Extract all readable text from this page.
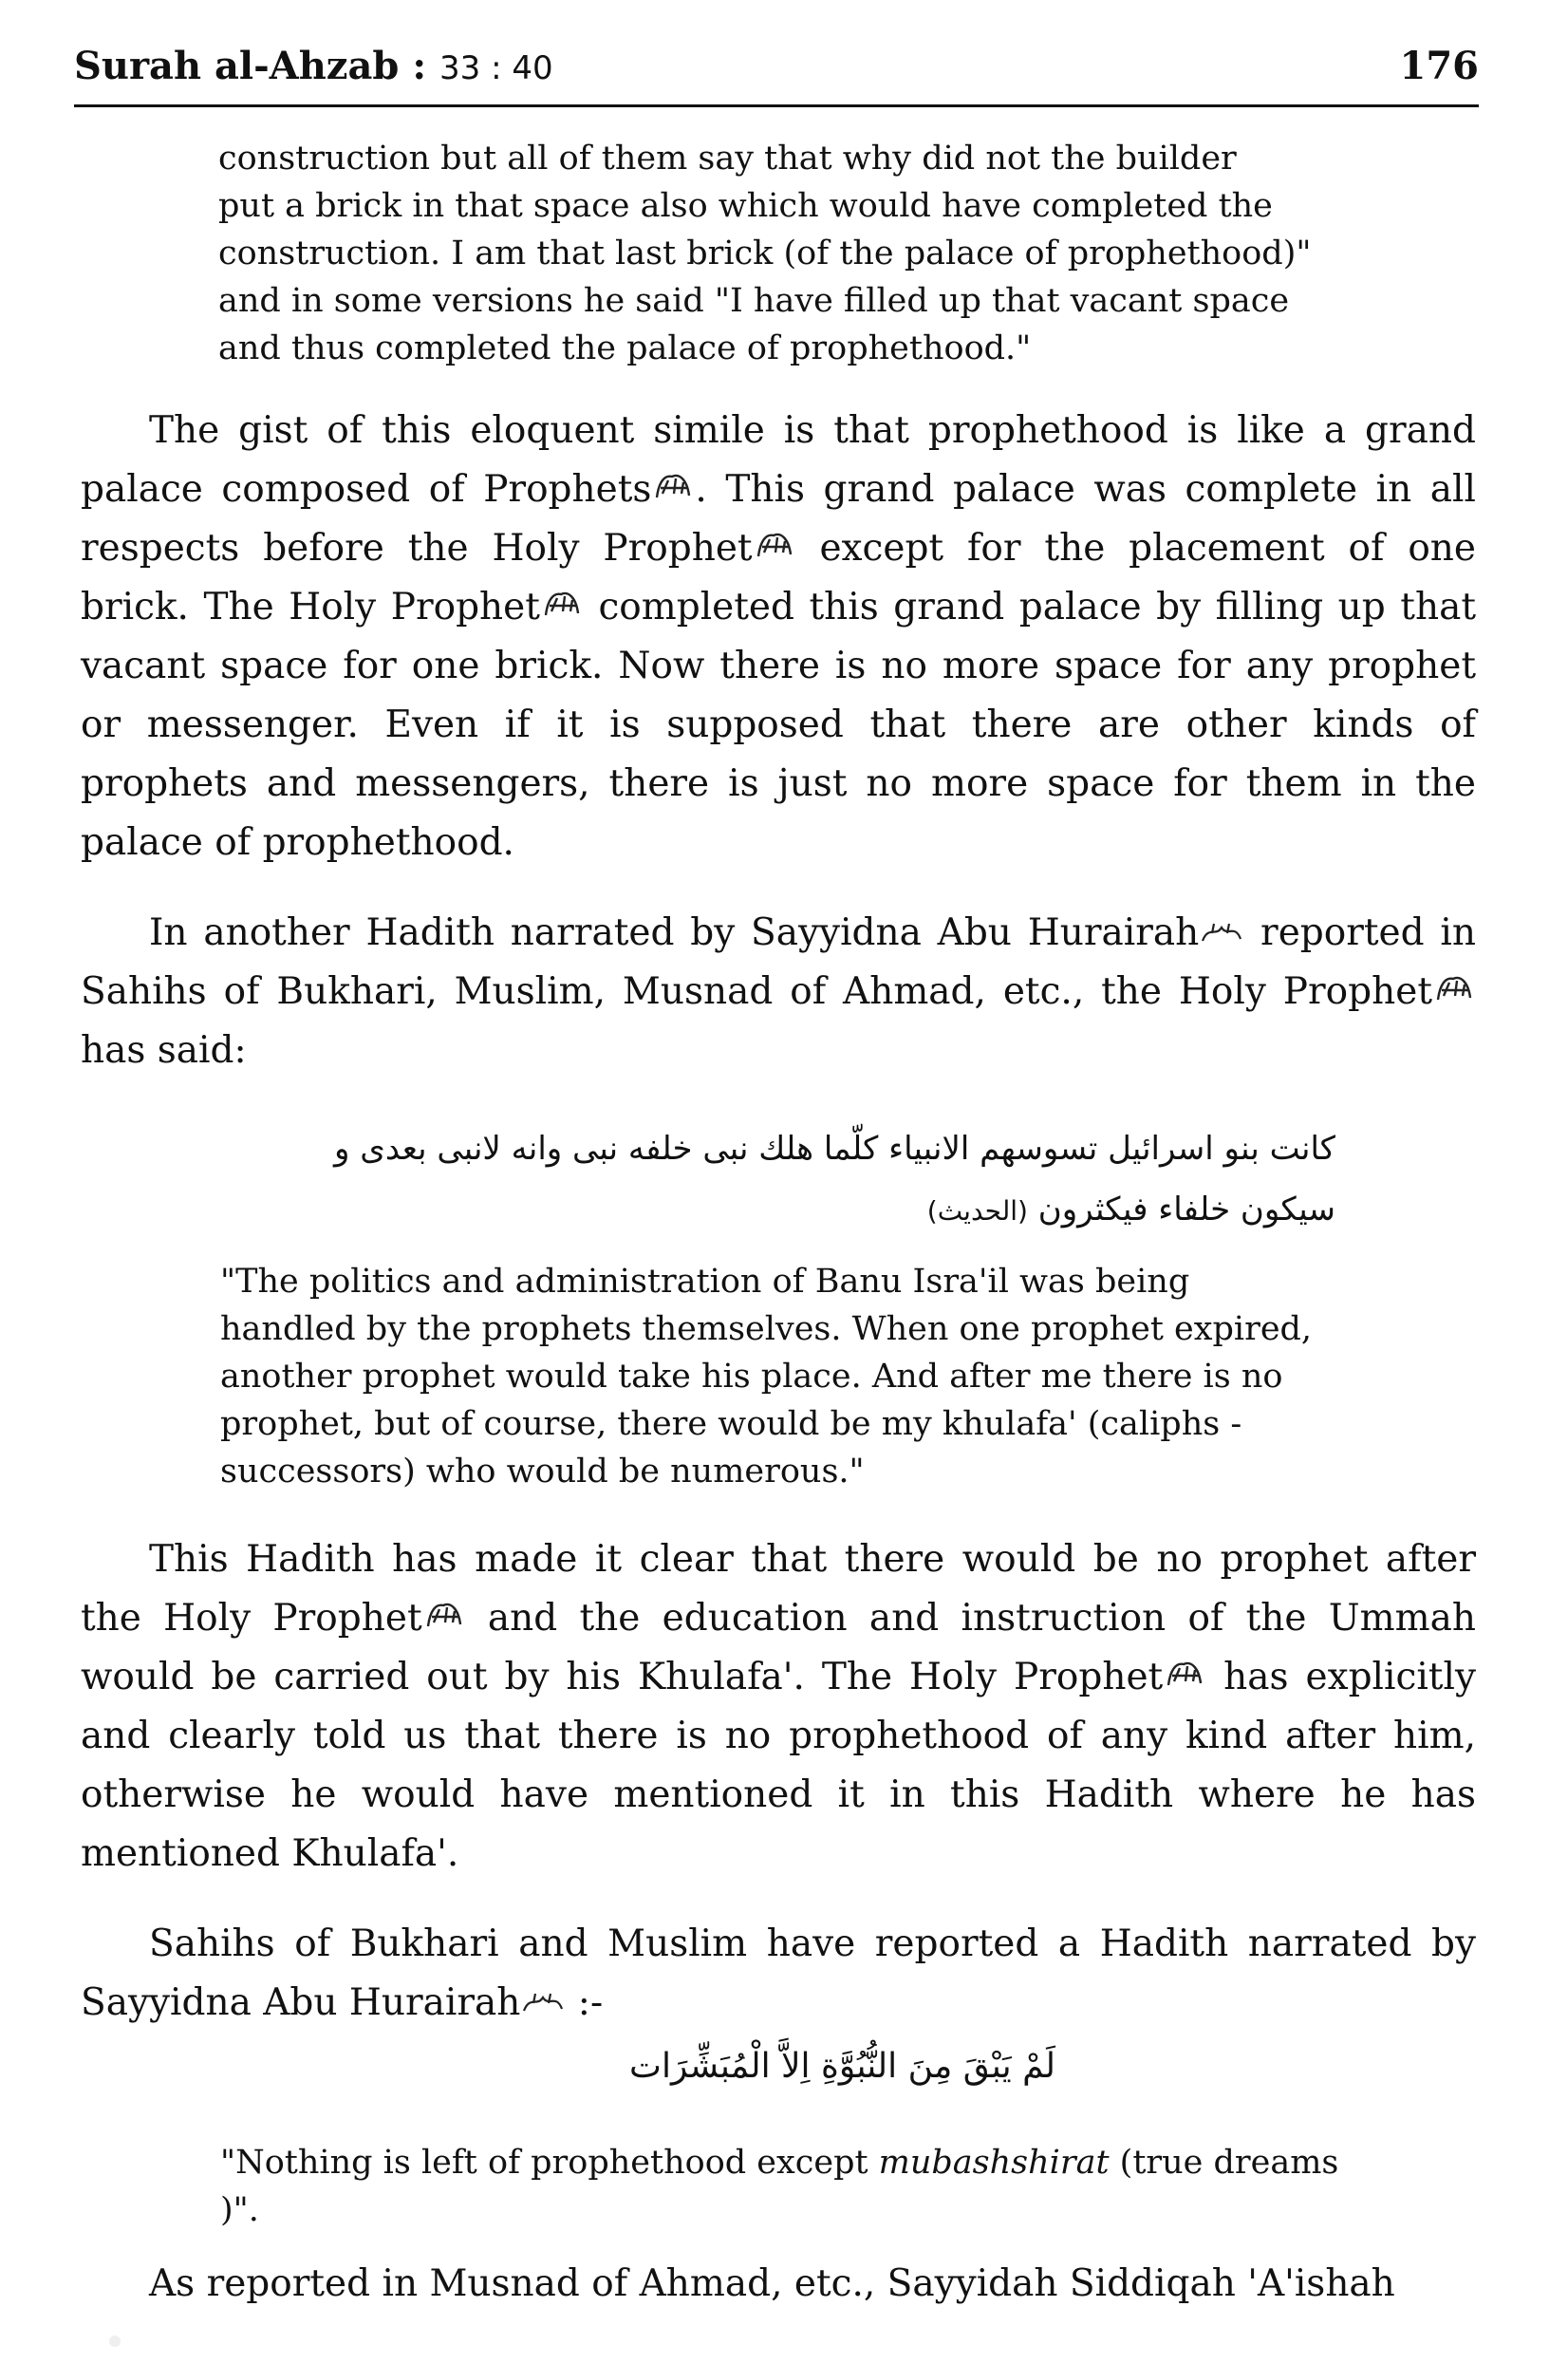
Surah al-Ahzab : 33 : 40	176
construction but all of them say that why did not the builder
put a brick in that space also which would have completed the
construction. I am that last brick (of the palace of prophethood)"
and in some versions he said "I have filled up that vacant space
and thus completed the palace of prophethood."

The gist of this eloquent simile is that prophethood is like a grand palace composed of Prophets . This grand palace was complete in all respects before the Holy Prophet
except for the placement of one brick. The Holy Prophet
completed this grand palace by filling up that vacant space for one brick. Now there is no more space for any prophet or messenger. Even if it is supposed that there are other kinds of prophets and messengers, there is just no more space for them in the palace of prophethood.

In another Hadith narrated by Sayyidna Abu Hurairah
reported in Sahihs of Bukhari, Muslim, Musnad of Ahmad, etc., the Holy Prophet
has said:

كانت بنو اسرائيل تسوسهم الانبياء كلّما هلك نبى خلفه نبى وانه لانبى بعدى و
سيكون خلفاء فيكثرون (الحديث)
"The politics and administration of Banu Isra'il was being
handled by the prophets themselves. When one prophet expired,
another prophet would take his place. And after me there is no
prophet, but of course, there would be my khulafa' (caliphs -
successors) who would be numerous."

This Hadith has made it clear that there would be no prophet after the Holy Prophet
and the education and instruction of the Ummah would be carried out by his Khulafa'. The Holy Prophet
has explicitly and clearly told us that there is no prophethood of any kind after him, otherwise he would have mentioned it in this Hadith where he has mentioned Khulafa'.

Sahihs of Bukhari and Muslim have reported a Hadith narrated by Sayyidna Abu Hurairah
:-

لَمْ يَبْقَ مِنَ النُّبُوَّةِ اِلاَّ الْمُبَشِّرَات
"Nothing is left of prophethood except mubashshirat (true dreams )".

As reported in Musnad of Ahmad, etc., Sayyidah Siddiqah 'A'ishah
